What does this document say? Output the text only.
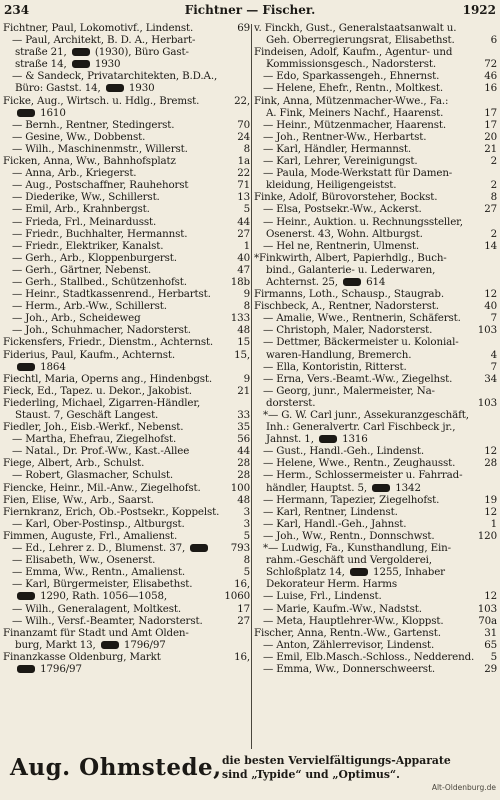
234	Fichtner — Fischer.	1922
Fichtner, Paul, Lokomotivf., Lindenst.	69
— Paul, Architekt, B. D. A., Herbart-
straße 21,  (1930), Büro Gast-
straße 14,  1930
— & Sandeck, Privatarchitekten, B.D.A.,
Büro: Gastst. 14,  1930
Ficke, Aug., Wirtsch. u. Hdlg., Bremst.	22,
1610
— Bernh., Rentner, Stedingerst.	70
— Gesine, Ww., Dobbenst.	24
— Wilh., Maschinenmstr., Willerst.	8
Ficken, Anna, Ww., Bahnhofsplatz	1a
— Anna, Arb., Kriegerst.	22
— Aug., Postschaffner, Rauhehorst	71
— Diederike, Ww., Schillerst.	13
— Emil, Arb., Krahnbergst.	5
— Frieda, Frl., Meinardusst.	44
— Friedr., Buchhalter, Hermannst.	27
— Friedr., Elektriker, Kanalst.	1
— Gerh., Arb., Kloppenburgerst.	40
— Gerh., Gärtner, Nebenst.	47
— Gerh., Stallbed., Schützenhofst.	18b
— Heinr., Stadtkassenrend., Herbartst.	9
— Herm., Arb.-Ww., Schillerst.	8
— Joh., Arb., Scheideweg	133
— Joh., Schuhmacher, Nadorsterst.	48
Fickensfers, Friedr., Dienstm., Achternst. 15
Fiderius, Paul, Kaufm., Achternst.	15,
1864
Fiechtl, Maria, Operns ang., Hindenbgst.	9
Fieck, Ed., Tapez. u. Dekor., Jakobist.	21
Fiederling, Michael, Zigarren-Händler,
Staust. 7, Geschäft Langest.	33
Fiedler, Joh., Eisb.-Werkf., Nebenst.	35
— Martha, Ehefrau, Ziegelhofst.	56
— Natal., Dr. Prof.-Ww., Kast.-Allee	44
Fiege, Albert, Arb., Schulst.	28
— Robert, Glasmacher, Schulst.	28
Fiencke, Heinr., Mil.-Anw., Ziegelhofst.	100
Fien, Elise, Ww., Arb., Saarst.	48
Fiernkranz, Erich, Ob.-Postsekr., Koppelst. 3
— Karl, Ober-Postinsp., Altburgst.	3
Fimmen, Auguste, Frl., Amalienst.	5
— Ed., Lehrer z. D., Blumenst. 37,	793
— Elisabeth, Ww., Osenerst.	8
— Emma, Ww., Rentn., Amalienst.	5
— Karl, Bürgermeister, Elisabethst.	16,
1290, Rath. 1056—1058,	1060
— Wilh., Generalagent, Moltkest.	17
— Wilh., Versf.-Beamter, Nadorsterst.	27
Finanzamt für Stadt und Amt Olden-
burg, Markt 13,  1796/97
Finanzkasse Oldenburg, Markt	16,
1796/97
v. Finckh, Gust., Generalstaatsanwalt u.
Geh. Oberregierungsrat, Elisabethst.	6
Findeisen, Adolf, Kaufm., Agentur- und
Kommissionsgesch., Nadorsterst.	72
— Edo, Sparkassengeh., Ehnernst.	46
— Helene, Ehefr., Rentn., Moltkest.	16
Fink, Anna, Mützenmacher-Wwe., Fa.:
A. Fink, Meiners Nachf., Haarenst.	17
— Heinr., Mützenmacher, Haarenst.	17
— Joh., Rentner-Ww., Herbartst.	20
— Karl, Händler, Hermannst.	21
— Karl, Lehrer, Vereinigungst.	2
— Paula, Mode-Werkstatt für Damen-
kleidung, Heiligengeistst.	2
Finke, Adolf, Bürovorsteher, Bockst.	8
— Elsa, Postsekr.-Ww., Ackerst.	27
— Heinr., Auktion. u. Rechnungssteller,
Osenerst. 43, Wohn. Altburgst.	2
— Hel ne, Rentnerin, Ulmenst.	14
*Finkwirth, Albert, Papierhdlg., Buch-
bind., Galanterie- u. Lederwaren,
Achternst. 25,  614
Firmanns, Loth., Schausp., Staugrab.	12
Fischbeck, A., Rentner, Nadorsterst.	40
— Amalie, Wwe., Rentnerin, Schäferst.	7
— Christoph, Maler, Nadorsterst.	103
— Dettmer, Bäckermeister u. Kolonial-
waren-Handlung, Bremerch.	4
— Ella, Kontoristin, Ritterst.	7
— Erna, Vers.-Beamt.-Ww., Ziegelhst.	34
— Georg, junr., Malermeister, Na-
dorsterst.	103
*— G. W. Carl junr., Assekuranzgeschäft,
Inh.: Generalvertr. Carl Fischbeck jr.,
Jahnst. 1,  1316
— Gust., Handl.-Geh., Lindenst.	12
— Helene, Wwe., Rentn., Zeughausst.	28
— Herm., Schlossermeister u. Fahrrad-
händler, Hauptst. 5,  1342
— Hermann, Tapezier, Ziegelhofst.	19
— Karl, Rentner, Lindenst.	12
— Karl, Handl.-Geh., Jahnst.	1
— Joh., Ww., Rentn., Donnschwst.	120
*— Ludwig, Fa., Kunsthandlung, Ein-
rahm.-Geschäft und Vergolderei,
Schloßplatz 14,  1255, Inhaber
Dekorateur Herm. Harms
— Luise, Frl., Lindenst.	12
— Marie, Kaufm.-Ww., Nadstst.	103
— Meta, Hauptlehrer-Ww., Kloppst.	70a
Fischer, Anna, Rentn.-Ww., Gartenst.	31
— Anton, Zählerrevisor, Lindenst.	65
— Emil, Elb.Masch.-Schloss., Nedderend. 5
— Emma, Ww., Donnerschweerst.	29
Aug. Ohmstede, die besten Vervielfältigungs-Apparate
sind „Typide“ und „Optimus“.
Alt-Oldenburg.de
